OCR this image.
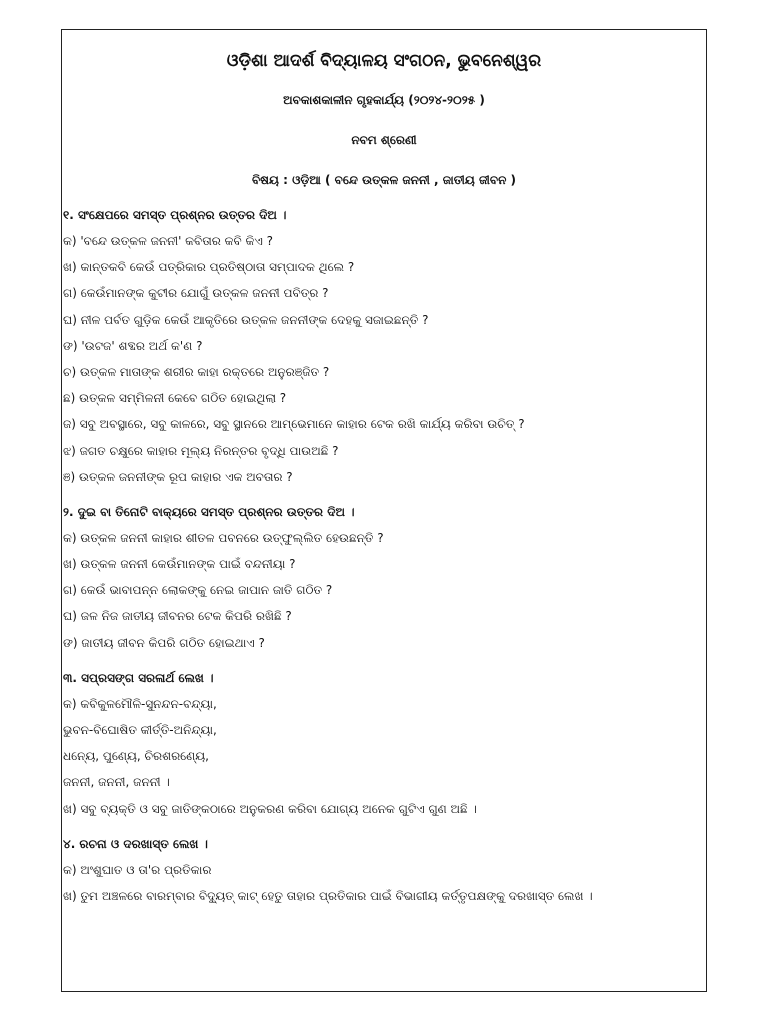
ଓଡ଼ିଶା ଆଦର୍ଶ ବିଦ୍ୟାଳୟ ସଂଗଠନ, ଭୁବନେଶ୍ୱର
ଅବକାଶକାଳୀନ ଗୃହକାର୍ଯ୍ୟ (୨୦୨୪-୨୦୨୫ )
ନବମ ଶ୍ରେଣୀ
ବିଷୟ : ଓଡ଼ିଆ ( ବନ୍ଦେ ଉତ୍କଳ ଜନନୀ , ଜାତୀୟ ଜୀବନ )
୧. ସଂକ୍ଷେପରେ ସମସ୍ତ ପ୍ରଶ୍ନର ଉତ୍ତର ଦିଅ ।
କ) 'ବନ୍ଦେ ଉତ୍କଳ ଜନନୀ' କବିତାର କବି କିଏ ?
ଖ) କାନ୍ତକବି କେଉଁ ପତ୍ରିକାର ପ୍ରତିଷ୍ଠାତା ସମ୍ପାଦକ ଥିଲେ ?
ଗ) କେଉଁମାନଙ୍କ କୁଟୀର ଯୋଗୁଁ ଉତ୍କଳ ଜନନୀ ପବିତ୍ର ?
ଘ) ନୀଳ ପର୍ବତ ଗୁଡ଼ିକ କେଉଁ ଆକୃତିରେ ଉତ୍କଳ ଜନନୀଙ୍କ ଦେହକୁ ସଜାଇଛନ୍ତି ?
ଙ) 'ଉଟଜ' ଶବ୍ଦର ଅର୍ଥ କ'ଣ ?
ଚ) ଉତ୍କଳ ମାତାଙ୍କ ଶରୀର କାହା ରକ୍ତରେ ଅନୁରଞ୍ଜିତ ?
ଛ) ଉତ୍କଳ ସମ୍ମିଳନୀ କେବେ ଗଠିତ ହୋଇଥିଲା ?
ଜ) ସବୁ ଅବସ୍ଥାରେ, ସବୁ କାଳରେ, ସବୁ ସ୍ଥାନରେ ଆମ୍ଭେମାନେ କାହାର ଟେକ ରଖି କାର୍ଯ୍ୟ କରିବା ଉଚିତ୍ ?
ଝ) ଜଗତ ଚକ୍ଷୁରେ କାହାର ମୂଲ୍ୟ ନିରନ୍ତର ବୃଦ୍ଧି ପାଉଅଛି ?
ଞ) ଉତ୍କଳ ଜନନୀଙ୍କ ରୂପ କାହାର ଏକ ଅବତାର ?
୨. ଦୁଇ ବା ତିନୋଟି ବାକ୍ୟରେ ସମସ୍ତ ପ୍ରଶ୍ନର ଉତ୍ତର ଦିଅ ।
କ) ଉତ୍କଳ ଜନନୀ କାହାର ଶୀତଳ ପବନରେ ଉତ୍ଫୁଲ୍ଲିତ ହେଉଛନ୍ତି ?
ଖ) ଉତ୍କଳ ଜନନୀ କେଉଁମାନଙ୍କ ପାଇଁ ବନ୍ଦନୀୟା ?
ଗ) କେଉଁ ଭାବାପନ୍ନ ଲୋକଙ୍କୁ ନେଇ ଜାପାନ ଜାତି ଗଠିତ ?
ଘ) ଜଳ ନିଜ ଜାତୀୟ ଜୀବନର ଟେକ କିପରି ରଖିଛି ?
ଙ) ଜାତୀୟ ଜୀବନ କିପରି ଗଠିତ ହୋଇଥାଏ ?
୩. ସପ୍ରସଙ୍ଗ ସରଳାର୍ଥ ଲେଖ ।
କ) କବିକୁଳମୌଳି-ସୁନନ୍ଦନ-ବନ୍ଦ୍ୟା,
ଭୁବନ-ବିଘୋଷିତ କୀର୍ତ୍ତି-ଅନିନ୍ଦ୍ୟା,
ଧନ୍ୟେ, ପୁଣ୍ୟେ, ଚିରଶରଣ୍ୟେ,
ଜନନୀ, ଜନନୀ, ଜନନୀ ।
ଖ) ସବୁ ବ୍ୟକ୍ତି ଓ ସବୁ ଜାତିଙ୍କଠାରେ ଅନୁକରଣ କରିବା ଯୋଗ୍ୟ ଅନେକ ଗୁଟିଏ ଗୁଣ ଅଛି ।
୪. ରଚନା ଓ ଦରଖାସ୍ତ ଲେଖ ।
କ) ଅଂଶୁଘାତ ଓ ତା'ର ପ୍ରତିକାର
ଖ) ତୁମ ଅଞ୍ଚଳରେ ବାରମ୍ବାର ବିଦ୍ୟୁତ୍ କାଟ୍ ହେତୁ ତାହାର ପ୍ରତିକାର ପାଇଁ ବିଭାଗୀୟ କର୍ତ୍ତୃପକ୍ଷଙ୍କୁ ଦରଖାସ୍ତ ଲେଖ ।
